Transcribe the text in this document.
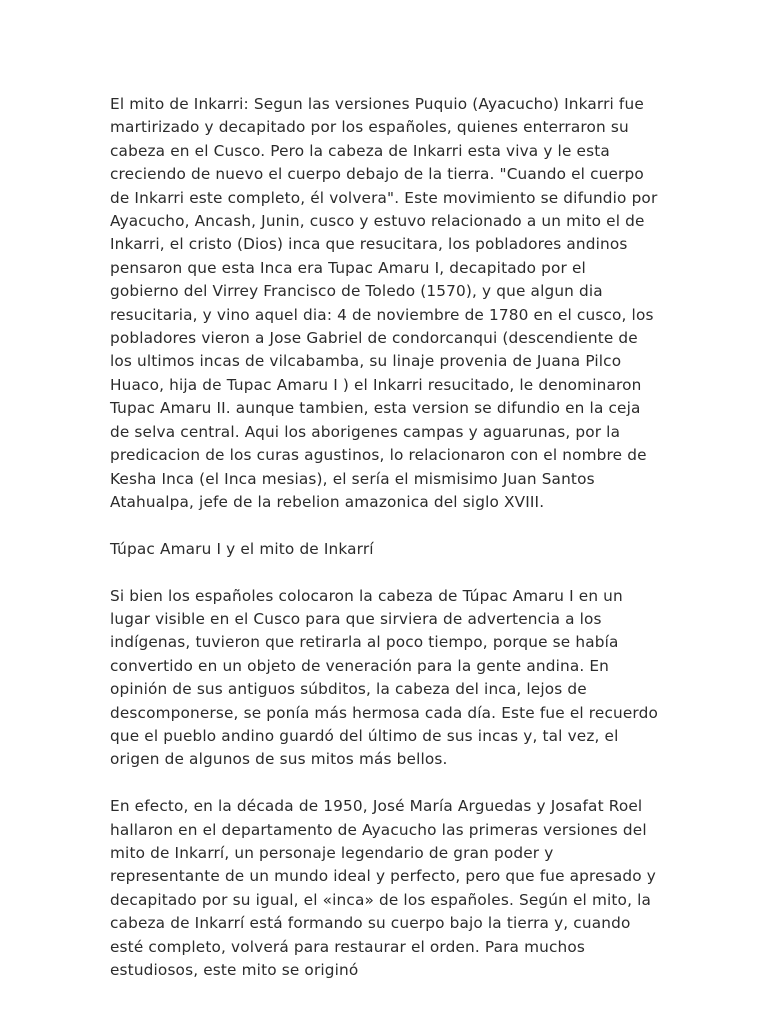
El mito de Inkarri: Segun las versiones Puquio (Ayacucho) Inkarri fue martirizado y decapitado por los españoles, quienes enterraron su cabeza en el Cusco. Pero la cabeza de Inkarri esta viva y le esta creciendo de nuevo el cuerpo debajo de la tierra. "Cuando el cuerpo de Inkarri este completo, él volvera". Este movimiento se difundio por Ayacucho, Ancash, Junin, cusco y estuvo relacionado a un mito el de Inkarri, el cristo (Dios) inca que resucitara, los pobladores andinos pensaron que esta Inca era Tupac Amaru I, decapitado por el gobierno del Virrey Francisco de Toledo (1570), y que algun dia resucitaria, y vino aquel dia: 4 de noviembre de 1780 en el cusco, los pobladores vieron a Jose Gabriel de condorcanqui (descendiente de los ultimos incas de vilcabamba, su linaje provenia de Juana Pilco Huaco, hija de Tupac Amaru I ) el Inkarri resucitado, le denominaron Tupac Amaru II. aunque tambien, esta version se difundio en la ceja de selva central. Aqui los aborigenes campas y aguarunas, por la predicacion de los curas agustinos, lo relacionaron con el nombre de Kesha Inca (el Inca mesias), el sería el mismisimo Juan Santos Atahualpa, jefe de la rebelion amazonica del siglo XVIII.

Túpac Amaru I y el mito de Inkarrí

Si bien los españoles colocaron la cabeza de Túpac Amaru I en un lugar visible en el Cusco para que sirviera de advertencia a los indígenas, tuvieron que retirarla al poco tiempo, porque se había convertido en un objeto de veneración para la gente andina. En opinión de sus antiguos súbditos, la cabeza del inca, lejos de descomponerse, se ponía más hermosa cada día. Este fue el recuerdo que el pueblo andino guardó del último de sus incas y, tal vez, el origen de algunos de sus mitos más bellos.

En efecto, en la década de 1950, José María Arguedas y Josafat Roel hallaron en el departamento de Ayacucho las primeras versiones del mito de Inkarrí, un personaje legendario de gran poder y representante de un mundo ideal y perfecto, pero que fue apresado y decapitado por su igual, el «inca» de los españoles. Según el mito, la cabeza de Inkarrí está formando su cuerpo bajo la tierra y, cuando esté completo, volverá para restaurar el orden. Para muchos estudiosos, este mito se originó
